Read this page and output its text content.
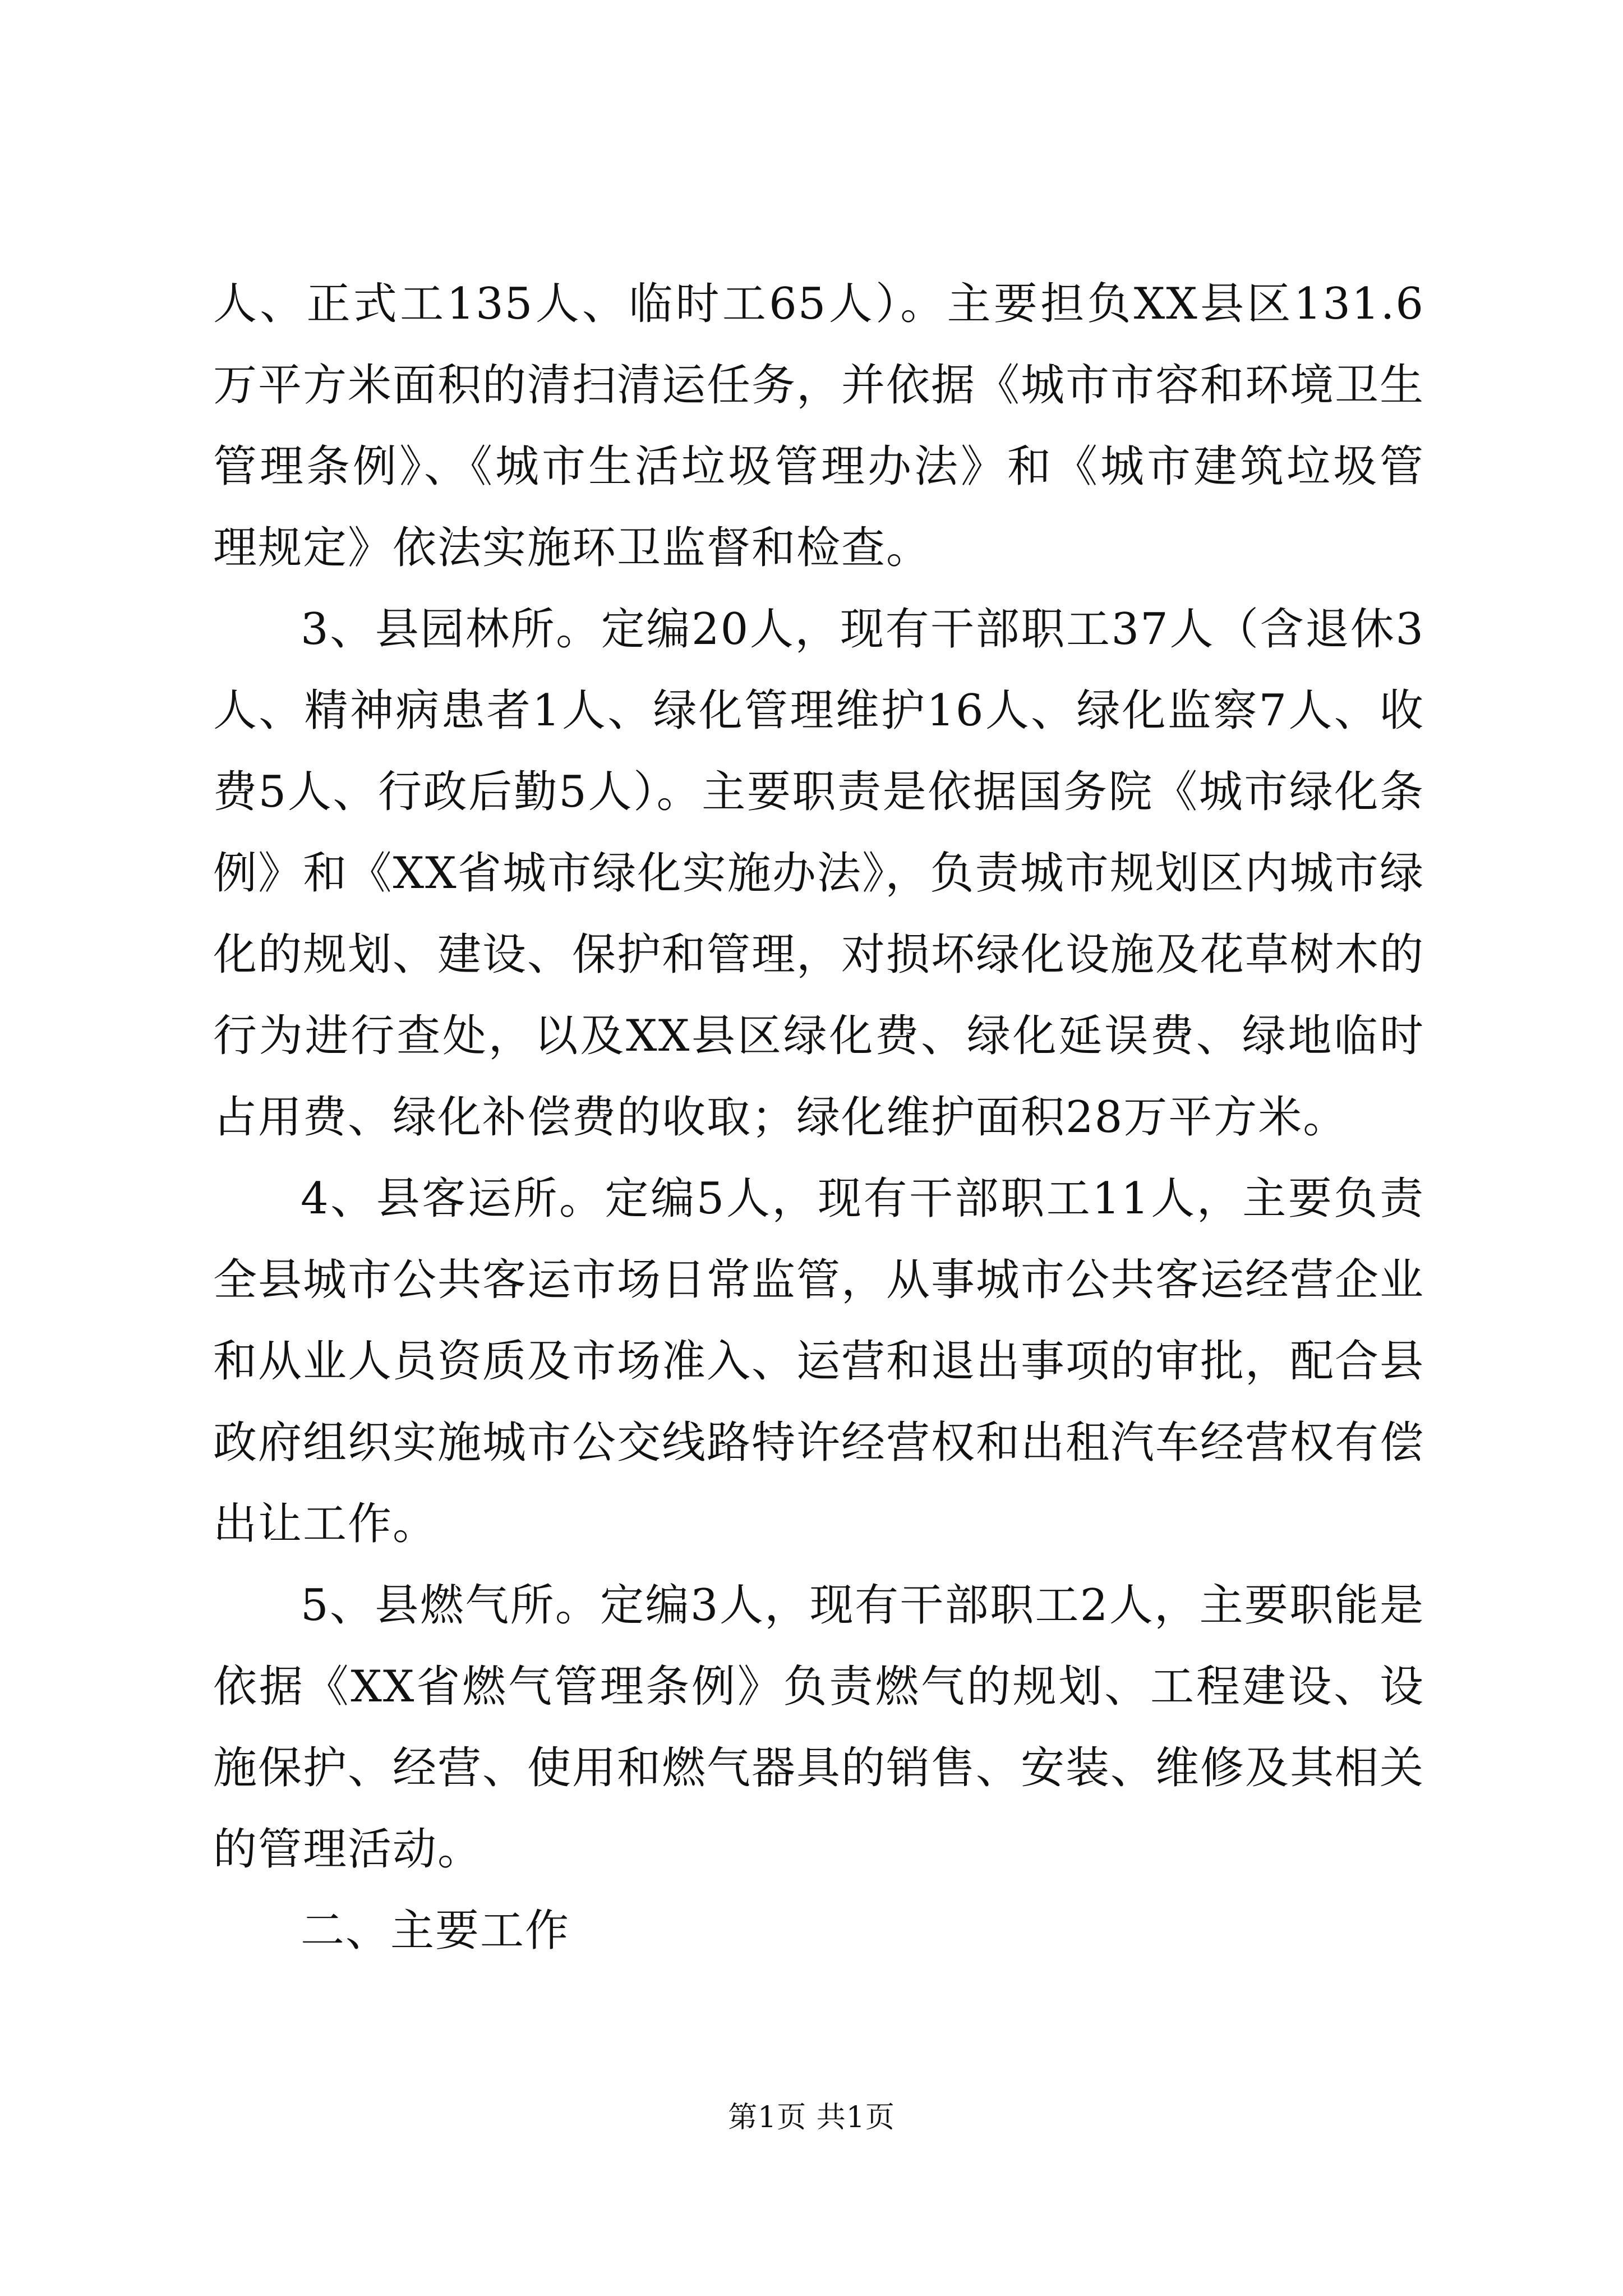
人、正式工135人、临时工65人）。主要担负XX县区131.6万平方米面积的清扫清运任务，并依据《城市市容和环境卫生管理条例》、《城市生活垃圾管理办法》和《城市建筑垃圾管理规定》依法实施环卫监督和检查。

3、县园林所。定编20人，现有干部职工37人（含退休3人、精神病患者1人、绿化管理维护16人、绿化监察7人、收费5人、行政后勤5人）。主要职责是依据国务院《城市绿化条例》和《XX省城市绿化实施办法》，负责城市规划区内城市绿化的规划、建设、保护和管理，对损坏绿化设施及花草树木的行为进行查处，以及XX县区绿化费、绿化延误费、绿地临时占用费、绿化补偿费的收取；绿化维护面积28万平方米。

4、县客运所。定编5人，现有干部职工11人，主要负责全县城市公共客运市场日常监管，从事城市公共客运经营企业和从业人员资质及市场准入、运营和退出事项的审批，配合县政府组织实施城市公交线路特许经营权和出租汽车经营权有偿出让工作。

5、县燃气所。定编3人，现有干部职工2人，主要职能是依据《XX省燃气管理条例》负责燃气的规划、工程建设、设施保护、经营、使用和燃气器具的销售、安装、维修及其相关的管理活动。

二、主要工作

第1页 共1页
